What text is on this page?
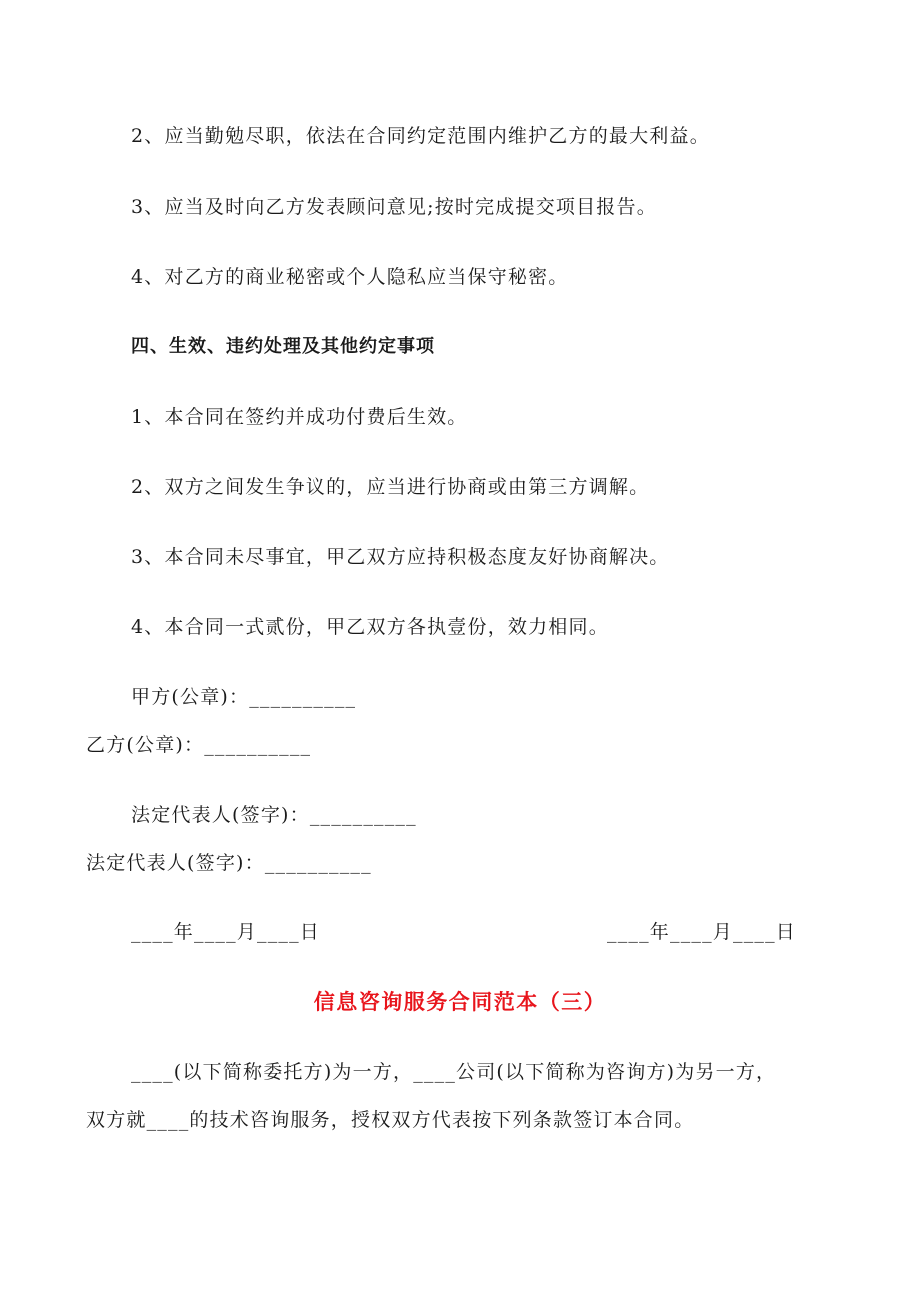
2、应当勤勉尽职，依法在合同约定范围内维护乙方的最大利益。

3、应当及时向乙方发表顾问意见;按时完成提交项目报告。

4、对乙方的商业秘密或个人隐私应当保守秘密。

四、生效、违约处理及其他约定事项

1、本合同在签约并成功付费后生效。

2、双方之间发生争议的，应当进行协商或由第三方调解。

3、本合同未尽事宜，甲乙双方应持积极态度友好协商解决。

4、本合同一式贰份，甲乙双方各执壹份，效力相同。

甲方(公章)：__________

乙方(公章)：__________

法定代表人(签字)：__________

法定代表人(签字)：__________

____年____月____日	____年____月____日

信息咨询服务合同范本（三）

____(以下简称委托方)为一方，____公司(以下简称为咨询方)为另一方，

双方就____的技术咨询服务，授权双方代表按下列条款签订本合同。
